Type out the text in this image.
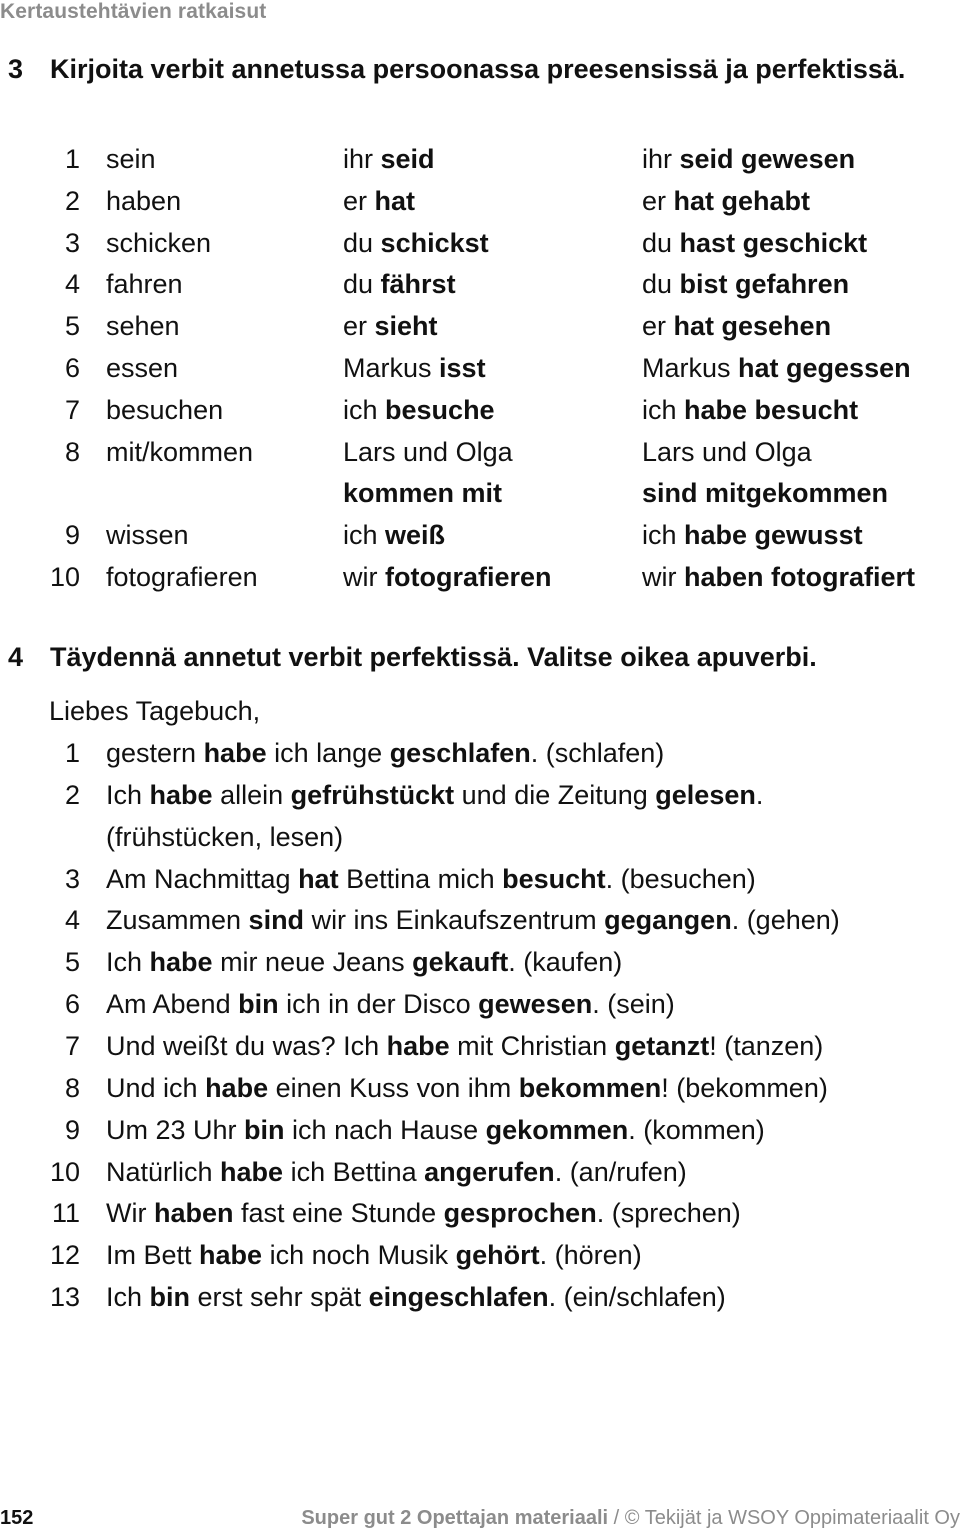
Kertaustehtävien ratkaisut
3 Kirjoita verbit annetussa persoonassa preesensissä ja perfektissä.
1 sein	ihr seid	ihr seid gewesen
2 haben	er hat	er hat gehabt
3 schicken	du schickst	du hast geschickt
4 fahren	du fährst	du bist gefahren
5 sehen	er sieht	er hat gesehen
6 essen	Markus isst	Markus hat gegessen
7 besuchen	ich besuche	ich habe besucht
8 mit/kommen	Lars und Olga	Lars und Olga
kommen mit	sind mitgekommen
9 wissen	ich weiß	ich habe gewusst
10 fotografieren	wir fotografieren	wir haben fotografiert
4 Täydennä annetut verbit perfektissä. Valitse oikea apuverbi.
Liebes Tagebuch,
1 gestern habe ich lange geschlafen. (schlafen)
2 Ich habe allein gefrühstückt und die Zeitung gelesen.
(frühstücken, lesen)
3 Am Nachmittag hat Bettina mich besucht. (besuchen)
4 Zusammen sind wir ins Einkaufszentrum gegangen. (gehen)
5 Ich habe mir neue Jeans gekauft. (kaufen)
6 Am Abend bin ich in der Disco gewesen. (sein)
7 Und weißt du was? Ich habe mit Christian getanzt! (tanzen)
8 Und ich habe einen Kuss von ihm bekommen! (bekommen)
9 Um 23 Uhr bin ich nach Hause gekommen. (kommen)
10 Natürlich habe ich Bettina angerufen. (an/rufen)
11 Wir haben fast eine Stunde gesprochen. (sprechen)
12 Im Bett habe ich noch Musik gehört. (hören)
13 Ich bin erst sehr spät eingeschlafen. (ein/schlafen)
152	Super gut 2 Opettajan materiaali / © Tekijät ja WSOY Oppimateriaalit Oy
